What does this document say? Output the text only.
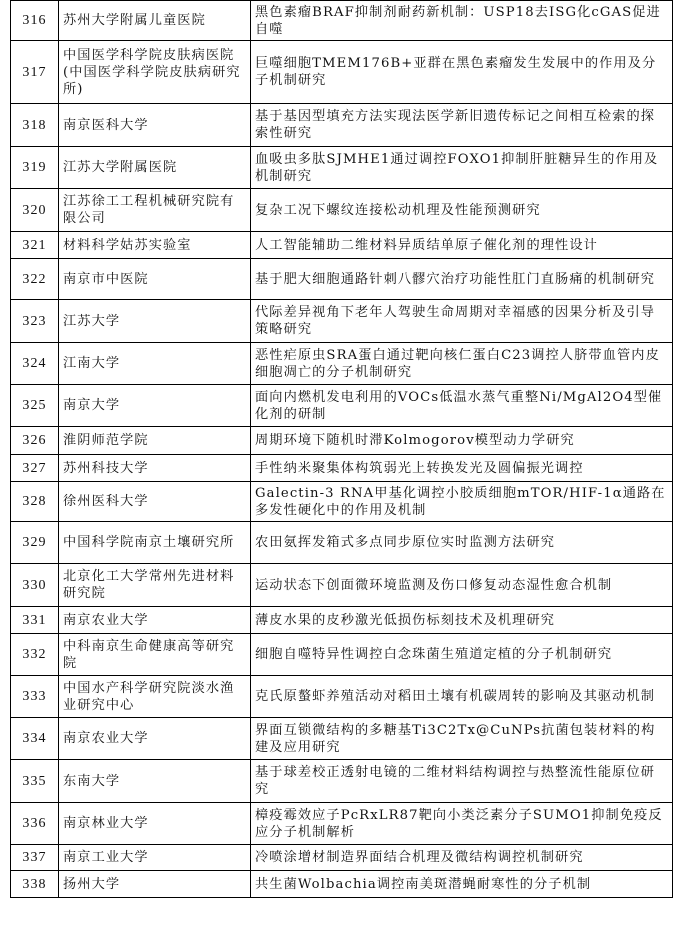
316	苏州大学附属儿童医院	黑色素瘤BRAF抑制剂耐药新机制：USP18去ISG化cGAS促进自噬
317	中国医学科学院皮肤病医院(中国医学科学院皮肤病研究所)	巨噬细胞TMEM176B+亚群在黑色素瘤发生发展中的作用及分子机制研究
318	南京医科大学	基于基因型填充方法实现法医学新旧遗传标记之间相互检索的探索性研究
319	江苏大学附属医院	血吸虫多肽SJMHE1通过调控FOXO1抑制肝脏糖异生的作用及机制研究
320	江苏徐工工程机械研究院有限公司	复杂工况下螺纹连接松动机理及性能预测研究
321	材料科学姑苏实验室	人工智能辅助二维材料异质结单原子催化剂的理性设计
322	南京市中医院	基于肥大细胞通路针刺八髎穴治疗功能性肛门直肠痛的机制研究
323	江苏大学	代际差异视角下老年人驾驶生命周期对幸福感的因果分析及引导策略研究
324	江南大学	恶性疟原虫SRA蛋白通过靶向核仁蛋白C23调控人脐带血管内皮细胞凋亡的分子机制研究
325	南京大学	面向内燃机发电利用的VOCs低温水蒸气重整Ni/MgAl2O4型催化剂的研制
326	淮阴师范学院	周期环境下随机时滞Kolmogorov模型动力学研究
327	苏州科技大学	手性纳米聚集体构筑弱光上转换发光及圆偏振光调控
328	徐州医科大学	Galectin-3 RNA甲基化调控小胶质细胞mTOR/HIF-1α通路在多发性硬化中的作用及机制
329	中国科学院南京土壤研究所	农田氨挥发箱式多点同步原位实时监测方法研究
330	北京化工大学常州先进材料研究院	运动状态下创面微环境监测及伤口修复动态湿性愈合机制
331	南京农业大学	薄皮水果的皮秒激光低损伤标刻技术及机理研究
332	中科南京生命健康高等研究院	细胞自噬特异性调控白念珠菌生殖道定植的分子机制研究
333	中国水产科学研究院淡水渔业研究中心	克氏原螯虾养殖活动对稻田土壤有机碳周转的影响及其驱动机制
334	南京农业大学	界面互锁微结构的多糖基Ti3C2Tx@CuNPs抗菌包装材料的构建及应用研究
335	东南大学	基于球差校正透射电镜的二维材料结构调控与热整流性能原位研究
336	南京林业大学	樟疫霉效应子PcRxLR87靶向小类泛素分子SUMO1抑制免疫反应分子机制解析
337	南京工业大学	冷喷涂增材制造界面结合机理及微结构调控机制研究
338	扬州大学	共生菌Wolbachia调控南美斑潜蝇耐寒性的分子机制
